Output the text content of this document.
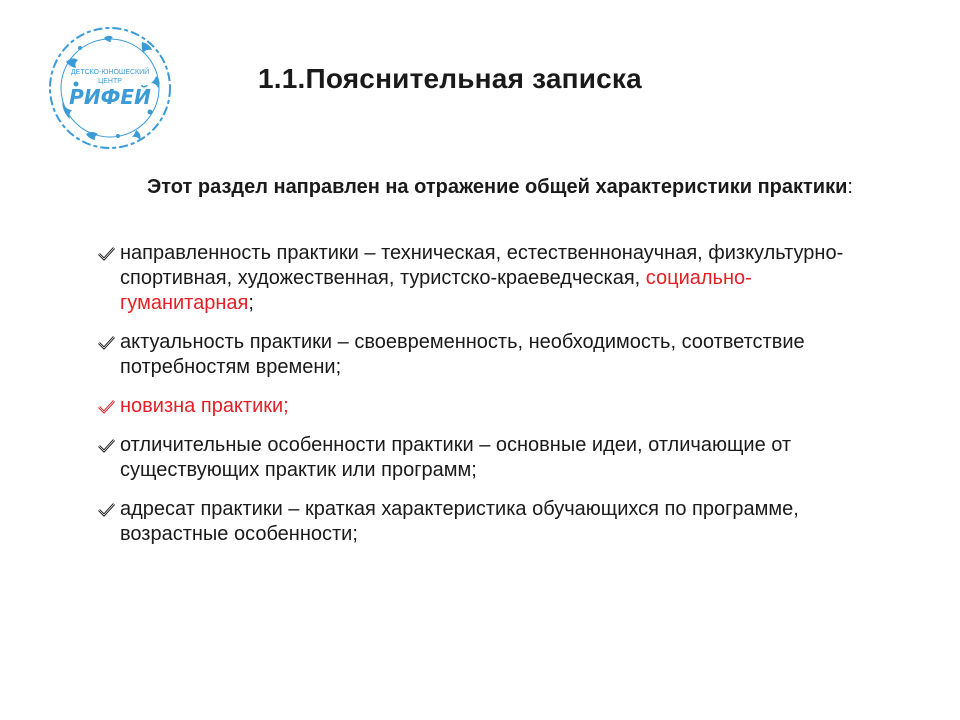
ДЕТСКО-ЮНОШЕСКИЙ
ЦЕНТР
РИФЕЙ
1.1.Пояснительная записка
Этот раздел направлен на отражение общей характеристики практики:
направленность практики – техническая, естественнонаучная, физкультурно-спортивная, художественная, туристско-краеведческая, социально-гуманитарная;
актуальность практики – своевременность, необходимость, соответствие потребностям времени;
новизна практики;
отличительные особенности практики – основные идеи, отличающие от существующих практик или программ;
адресат практики – краткая характеристика обучающихся по программе, возрастные особенности;
